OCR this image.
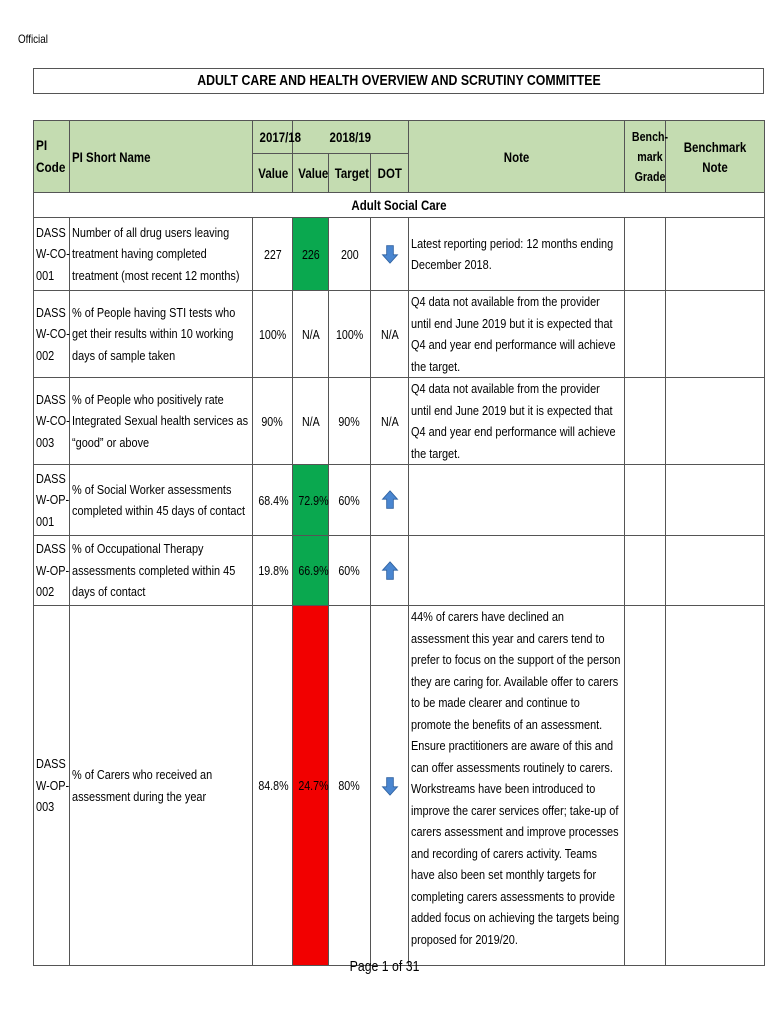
Official
ADULT CARE AND HEALTH OVERVIEW AND SCRUTINY COMMITTEE
PI Code	PI Short Name	2017/18	2018/19			Note	Bench-mark Grade	Benchmark Note
		Value	Value	Target	DOT			
Adult Social Care								
DASS W-CO-001	Number of all drug users leaving treatment having completed treatment (most recent 12 months)	227	226	200		Latest reporting period: 12 months ending December 2018.		
DASS W-CO-002	% of People having STI tests who get their results within 10 working days of sample taken	100%	N/A	100%	N/A	Q4 data not available from the provider until end June 2019 but it is expected that Q4 and year end performance will achieve the target.		
DASS W-CO-003	% of People who positively rate Integrated Sexual health services as “good” or above	90%	N/A	90%	N/A	Q4 data not available from the provider until end June 2019 but it is expected that Q4 and year end performance will achieve the target.		
DASS W-OP-001	% of Social Worker assessments completed within 45 days of contact	68.4%	72.9%	60%	

DASS W-OP-002	% of Occupational Therapy assessments completed within 45 days of contact	19.8%	66.9%	60%	

DASS W-OP-003	% of Carers who received an assessment during the year	84.8%	24.7%	80%		44% of carers have declined an assessment this year and carers tend to prefer to focus on the support of the person they are caring for. Available offer to carers to be made clearer and continue to promote the benefits of an assessment. Ensure practitioners are aware of this and can offer assessments routinely to carers. Workstreams have been introduced to improve the carer services offer; take-up of carers assessment and improve processes and recording of carers activity. Teams have also been set monthly targets for completing carers assessments to provide added focus on achieving the targets being proposed for 2019/20.		
Page 1 of 31
